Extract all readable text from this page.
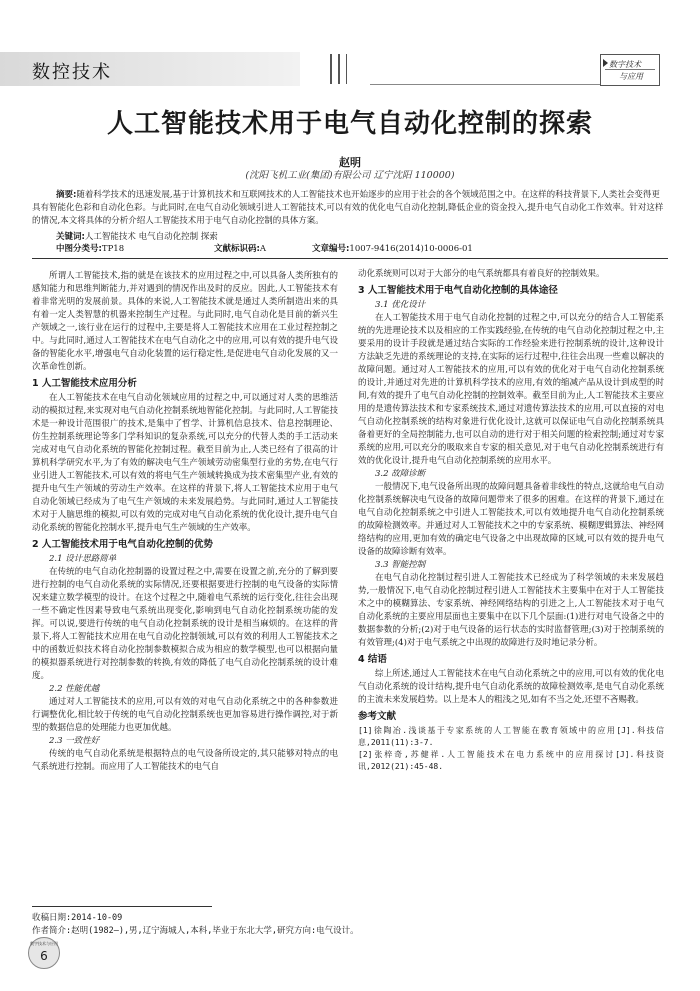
数控技术	数字技术
与应用
人工智能技术用于电气自动化控制的探索
赵明
(沈阳飞机工业(集团)有限公司 辽宁沈阳 110000)
摘要:随着科学技术的迅速发展,基于计算机技术和互联网技术的人工智能技术也开始逐步的应用于社会的各个领域范围之中。在这样的科技背景下,人类社会变得更具有智能化色彩和自动化色彩。与此同时,在电气自动化领域引进人工智能技术,可以有效的优化电气自动化控制,降低企业的资金投入,提升电气自动化工作效率。针对这样的情况,本文将具体的分析介绍人工智能技术用于电气自动化控制的具体方案。
关键词:人工智能技术 电气自动化控制 探索
中图分类号:TP18	文献标识码:A	文章编号:1007-9416(2014)10-0006-01

所谓人工智能技术,指的就是在该技术的应用过程之中,可以具备人类所独有的感知能力和思维判断能力,并对遇到的情况作出及时的反应。因此,人工智能技术有着非常光明的发展前景。具体的来说,人工智能技术就是通过人类所制造出来的具有着一定人类智慧的机器来控制生产过程。与此同时,电气自动化是目前的新兴生产领域之一,该行业在运行的过程中,主要是将人工智能技术应用在工业过程控制之中。与此同时,通过人工智能技术在电气自动化之中的应用,可以有效的提升电气设备的智能化水平,增强电气自动化装置的运行稳定性,是促进电气自动化发展的又一次革命性创新。

1 人工智能技术应用分析

在人工智能技术在电气自动化领域应用的过程之中,可以通过对人类的思维活动的模拟过程,来实现对电气自动化控制系统地智能化控制。与此同时,人工智能技术是一种设计范围很广的技术,是集中了哲学、计算机信息技术、信息控制理论、仿生控制系统理论等多门学科知识的复杂系统,可以充分的代替人类的手工活动来完成对电气自动化系统的智能化控制过程。截至目前为止,人类已经有了很高的计算机科学研究水平,为了有效的解决电气生产领域劳动密集型行业的劣势,在电气行业引进人工智能技术,可以有效的将电气生产领域转换成为技术密集型产业,有效的提升电气生产领域的劳动生产效率。在这样的背景下,将人工智能技术应用于电气自动化领域已经成为了电气生产领域的未来发展趋势。与此同时,通过人工智能技术对于人脑思维的模拟,可以有效的完成对电气自动化系统的优化设计,提升电气自动化系统的智能化控制水平,提升电气生产领域的生产效率。

2 人工智能技术用于电气自动化控制的优势
2.1 设计思路简单

在传统的电气自动化控制器的设置过程之中,需要在设置之前,充分的了解到要进行控制的电气自动化系统的实际情况,还要根据要进行控制的电气设备的实际情况来建立数学模型的设计。在这个过程之中,随着电气系统的运行变化,往往会出现一些不确定性因素导致电气系统出现变化,影响到电气自动化控制系统功能的发挥。可以说,要进行传统的电气自动化控制系统的设计是相当麻烦的。在这样的背景下,将人工智能技术应用在电气自动化控制领域,可以有效的利用人工智能技术之中的函数近似技术将自动化控制参数模拟合成为相应的数学模型,也可以根据向量的模拟器系统进行对控制参数的转换,有效的降低了电气自动化控制系统的设计难度。

2.2 性能优越

通过对人工智能技术的应用,可以有效的对电气自动化系统之中的各种参数进行调整优化,相比较于传统的电气自动化控制系统也更加容易进行操作调控,对于新型的数据信息的处理能力也更加优越。

2.3 一致性好

传统的电气自动化系统是根据特点的电气设备所设定的,其只能够对特点的电气系统进行控制。而应用了人工智能技术的电气自

动化系统则可以对于大部分的电气系统都具有着良好的控制效果。

3 人工智能技术用于电气自动化控制的具体途径
3.1 优化设计

在人工智能技术用于电气自动化控制的过程之中,可以充分的结合人工智能系统的先进理论技术以及相应的工作实践经验,在传统的电气自动化控制过程之中,主要采用的设计手段就是通过结合实际的工作经验来进行控制系统的设计,这种设计方法缺乏先进的系统理论的支持,在实际的运行过程中,往往会出现一些难以解决的故障问题。通过对人工智能技术的应用,可以有效的优化对于电气自动化控制系统的设计,并通过对先进的计算机科学技术的应用,有效的缩减产品从设计到成型的时间,有效的提升了电气自动化控制的控制效率。截至目前为止,人工智能技术主要应用的是遗传算法技术和专家系统技术,通过对遗传算法技术的应用,可以直接的对电气自动化控制系统的结构对象进行优化设计,这就可以保证电气自动化控制系统具备着更好的全局控制能力,也可以自动的进行对于相关问题的检索控制;通过对专家系统的应用,可以充分的吸取来自专家的相关意见,对于电气自动化控制系统进行有效的优化设计,提升电气自动化控制系统的应用水平。

3.2 故障诊断

一般情况下,电气设备所出现的故障问题具备着非线性的特点,这就给电气自动化控制系统解决电气设备的故障问题带来了很多的困难。在这样的背景下,通过在电气自动化控制系统之中引进人工智能技术,可以有效地提升电气自动化控制系统的故障检测效率。并通过对人工智能技术之中的专家系统、模糊逻辑算法、神经网络结构的应用,更加有效的确定电气设备之中出现故障的区域,可以有效的提升电气设备的故障诊断有效率。

3.3 智能控制

在电气自动化控制过程引进人工智能技术已经成为了科学领域的未来发展趋势,一般情况下,电气自动化控制过程引进人工智能技术主要集中在对于人工智能技术之中的模糊算法、专家系统、神经网络结构的引进之上,人工智能技术对于电气自动化系统的主要应用层面也主要集中在以下几个层面:(1)进行对电气设备之中的数据参数的分析;(2)对于电气设备的运行状态的实时监督管理;(3)对于控制系统的有效管理;(4)对于电气系统之中出现的故障进行及时地记录分析。

4 结语

综上所述,通过人工智能技术在电气自动化系统之中的应用,可以有效的优化电气自动化系统的设计结构,提升电气自动化系统的故障检测效率,是电气自动化系统的主流未来发展趋势。以上是本人的粗浅之见,如有不当之处,还望不吝赐教。

参考文献

[1]徐陶冶.浅谈基于专家系统的人工智能在教育领域中的应用[J].科技信息,2011(11):3-7.

[2]张梓奇,苏健祥.人工智能技术在电力系统中的应用探讨[J].科技资讯,2012(21):45-48.

收稿日期:2014-10-09
作者简介:赵明(1982—),男,辽宁海城人,本科,毕业于东北大学,研究方向:电气设计。
数字技术与应用
6
